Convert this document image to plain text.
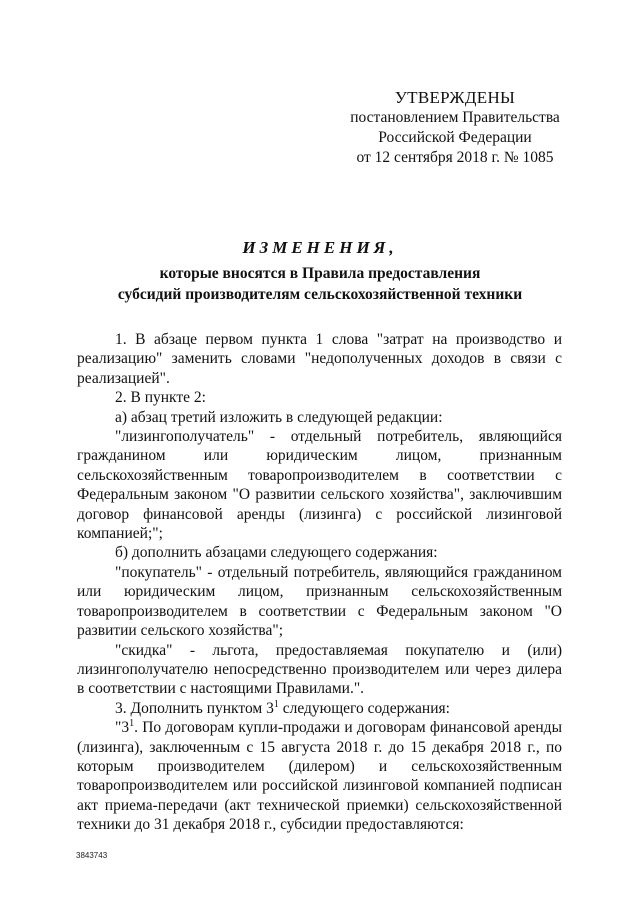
УТВЕРЖДЕНЫ
постановлением Правительства
Российской Федерации
от 12 сентября 2018 г. № 1085
ИЗМЕНЕНИЯ,
которые вносятся в Правила предоставления
субсидий производителям сельскохозяйственной техники

1. В абзаце первом пункта 1 слова "затрат на производство и реализацию" заменить словами "недополученных доходов в связи с реализацией".

2. В пункте 2:

а) абзац третий изложить в следующей редакции:

"лизингополучатель" - отдельный потребитель, являющийся гражданином или юридическим лицом, признанным сельскохозяйственным товаропроизводителем в соответствии с Федеральным законом "О развитии сельского хозяйства", заключившим договор финансовой аренды (лизинга) с российской лизинговой компанией;";

б) дополнить абзацами следующего содержания:

"покупатель" - отдельный потребитель, являющийся гражданином или юридическим лицом, признанным сельскохозяйственным товаропроизводителем в соответствии с Федеральным законом "О развитии сельского хозяйства";

"скидка" - льгота, предоставляемая покупателю и (или) лизингополучателю непосредственно производителем или через дилера в соответствии с настоящими Правилами.".

3. Дополнить пунктом $3^1$ следующего содержания:

"$3^1$. По договорам купли-продажи и договорам финансовой аренды (лизинга), заключенным с 15 августа 2018 г. до 15 декабря 2018 г., по которым производителем (дилером) и сельскохозяйственным товаропроизводителем или российской лизинговой компанией подписан акт приема-передачи (акт технической приемки) сельскохозяйственной техники до 31 декабря 2018 г., субсидии предоставляются:

3843743
